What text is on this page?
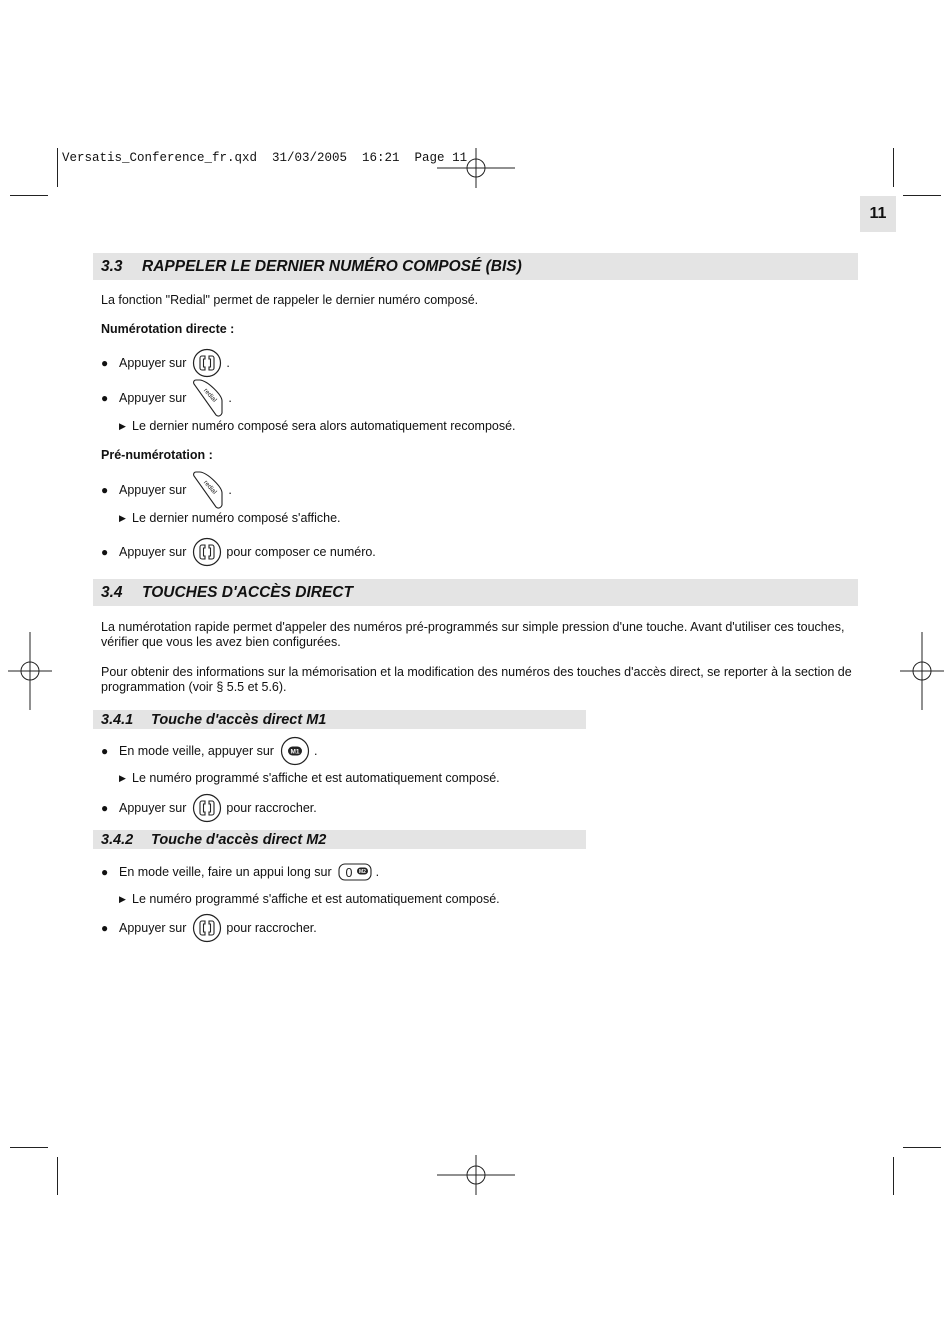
Versatis_Conference_fr.qxd  31/03/2005  16:21  Page 11
11
3.3	RAPPELER LE DERNIER NUMÉRO COMPOSÉ (BIS)
La fonction "Redial" permet de rappeler le dernier numéro composé.
Numérotation directe :
● Appuyer sur	.
● Appuyer sur redial .
▶ Le dernier numéro composé sera alors automatiquement recomposé.
Pré-numérotation :
● Appuyer sur redial .
▶ Le dernier numéro composé s'affiche.
● Appuyer sur	pour composer ce numéro.
3.4	TOUCHES D'ACCÈS DIRECT
La numérotation rapide permet d'appeler des numéros pré-programmés sur simple pression d'une touche. Avant d'utiliser ces touches, vérifier que vous les avez bien configurées.
Pour obtenir des informations sur la mémorisation et la modification des numéros des touches d'accès direct, se reporter à la section de programmation (voir § 5.5 et 5.6).
3.4.1	Touche d'accès direct M1
● En mode veille, appuyer sur	M1 .
▶ Le numéro programmé s'affiche et est automatiquement composé.
● Appuyer sur	pour raccrocher.
3.4.2	Touche d'accès direct M2
● En mode veille, faire un appui long sur 0 M2 .
▶ Le numéro programmé s'affiche et est automatiquement composé.
● Appuyer sur	pour raccrocher.
